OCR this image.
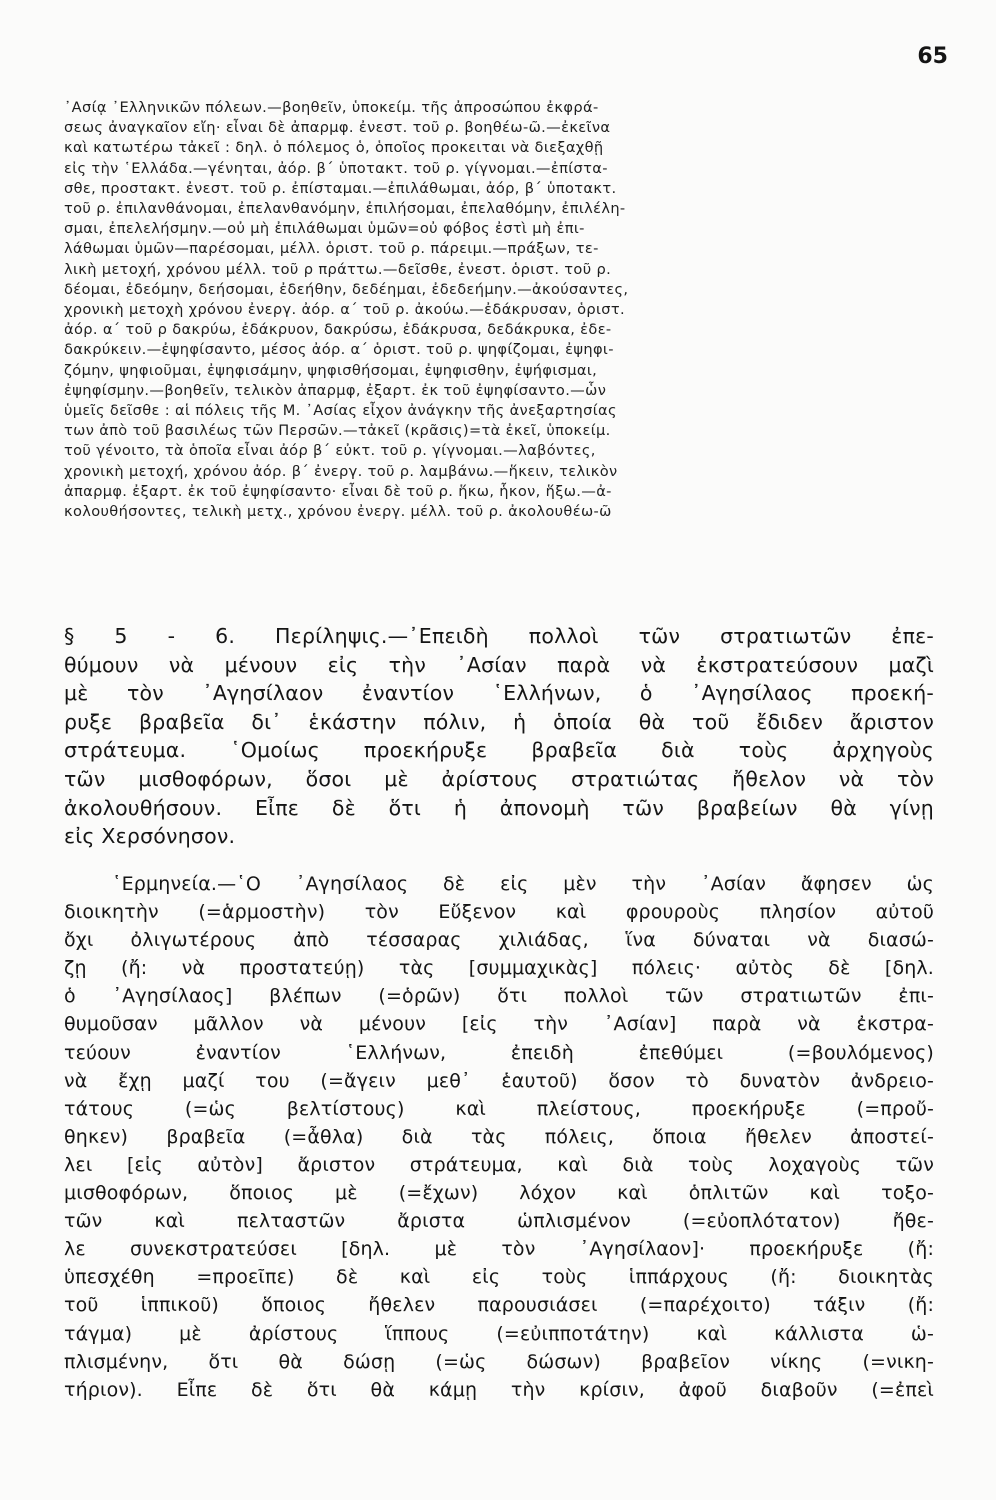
65
᾽Ασίᾳ ᾽Ελληνικῶν πόλεων.—βοηθεῖν, ὑποκείμ. τῆς ἀπροσώπου ἐκφρά-
σεως ἀναγκαῖον εἴη· εἶναι δὲ ἀπαρμφ. ἐνεστ. τοῦ ρ. βοηθέω-ῶ.—ἐκεῖνα
καὶ κατωτέρω τἀκεῖ : δηλ. ὁ πόλεμος ὁ, ὁποῖος προκειται νὰ διεξαχθῇ
εἰς τὴν ῾Ελλάδα.—γένηται, ἀόρ. β΄ ὑποτακτ. τοῦ ρ. γίγνομαι.—ἐπίστα-
σθε, προστακτ. ἐνεστ. τοῦ ρ. ἐπίσταμαι.—ἐπιλάθωμαι, ἀόρ, β΄ ὑποτακτ.
τοῦ ρ. ἐπιλανθάνομαι, ἐπελανθανόμην, ἐπιλήσομαι, ἐπελαθόμην, ἐπιλέλη-
σμαι, ἐπελελήσμην.—οὐ μὴ ἐπιλάθωμαι ὑμῶν=οὐ φόβος ἐστὶ μὴ ἐπι-
λάθωμαι ὑμῶν—παρέσομαι, μέλλ. ὁριστ. τοῦ ρ. πάρειμι.—πράξων, τε-
λικὴ μετοχή, χρόνου μέλλ. τοῦ ρ πράττω.—δεῖσθε, ἐνεστ. ὁριστ. τοῦ ρ.
δέομαι, ἐδεόμην, δεήσομαι, ἐδεήθην, δεδέημαι, ἐδεδεήμην.—ἀκούσαντες,
χρονικὴ μετοχὴ χρόνου ἐνεργ. ἀόρ. α΄ τοῦ ρ. ἀκούω.—ἐδάκρυσαν, ὁριστ.
ἀόρ. α΄ τοῦ ρ δακρύω, ἐδάκρυον, δακρύσω, ἐδάκρυσα, δεδάκρυκα, ἐδε-
δακρύκειν.—ἐψηφίσαντο, μέσος ἀόρ. α΄ ὁριστ. τοῦ ρ. ψηφίζομαι, ἐψηφι-
ζόμην, ψηφιοῦμαι, ἐψηφισάμην, ψηφισθήσομαι, ἐψηφισθην, ἐψήφισμαι,
ἐψηφίσμην.—βοηθεῖν, τελικὸν ἀπαρμφ, ἐξαρτ. ἐκ τοῦ ἐψηφίσαντο.—ὧν
ὑμεῖς δεῖσθε : αἱ πόλεις τῆς Μ. ᾽Ασίας εἶχον ἀνάγκην τῆς ἀνεξαρτησίας
των ἀπὸ τοῦ βασιλέως τῶν Περσῶν.—τἀκεῖ (κρᾶσις)=τὰ ἐκεῖ, ὑποκείμ.
τοῦ γένοιτο, τὰ ὁποῖα εἶναι ἀόρ β΄ εὐκτ. τοῦ ρ. γίγνομαι.—λαβόντες,
χρονικὴ μετοχή, χρόνου ἀόρ. β΄ ἐνεργ. τοῦ ρ. λαμβάνω.—ἥκειν, τελικὸν
ἀπαρμφ. ἐξαρτ. ἐκ τοῦ ἐψηφίσαντο· εἶναι δὲ τοῦ ρ. ἥκω, ἧκον, ἥξω.—ἀ-
κολουθήσοντες, τελικὴ μετχ., χρόνου ἐνεργ. μέλλ. τοῦ ρ. ἀκολουθέω-ῶ
§ 5 - 6. Περίληψις.—᾽Επειδὴ πολλοὶ τῶν στρατιωτῶν ἐπε-
θύμουν νὰ μένουν εἰς τὴν ᾽Ασίαν παρὰ νὰ ἐκστρατεύσουν μαζὶ
μὲ τὸν ᾽Αγησίλαον ἐναντίον ῾Ελλήνων, ὁ ᾽Αγησίλαος προεκή-
ρυξε βραβεῖα δι᾽ ἑκάστην πόλιν, ἡ ὁποία θὰ τοῦ ἔδιδεν ἄριστον
στράτευμα. ῾Ομοίως προεκήρυξε βραβεῖα διὰ τοὺς ἀρχηγοὺς
τῶν μισθοφόρων, ὅσοι μὲ ἀρίστους στρατιώτας ἤθελον νὰ τὸν
ἀκολουθήσουν. Εἶπε δὲ ὅτι ἡ ἀπονομὴ τῶν βραβείων θὰ γίνῃ
εἰς Χερσόνησον.
῾Ερμηνεία.—῾Ο ᾽Αγησίλαος δὲ εἰς μὲν τὴν ᾽Ασίαν ἄφησεν ὡς
διοικητὴν (=ἁρμοστὴν) τὸν Εὔξενον καὶ φρουροὺς πλησίον αὐτοῦ
ὄχι ὀλιγωτέρους ἀπὸ τέσσαρας χιλιάδας, ἵνα δύναται νὰ διασώ-
ζῃ (ἤ: νὰ προστατεύῃ) τὰς [συμμαχικὰς] πόλεις· αὐτὸς δὲ [δηλ.
ὁ ᾽Αγησίλαος] βλέπων (=ὁρῶν) ὅτι πολλοὶ τῶν στρατιωτῶν ἐπι-
θυμοῦσαν μᾶλλον νὰ μένουν [εἰς τὴν ᾽Ασίαν] παρὰ νὰ ἐκστρα-
τεύουν ἐναντίον ῾Ελλήνων, ἐπειδὴ ἐπεθύμει (=βουλόμενος)
νὰ ἔχῃ μαζί του (=ἄγειν μεθ᾽ ἑαυτοῦ) ὅσον τὸ δυνατὸν ἀνδρειο-
τάτους (=ὡς βελτίστους) καὶ πλείστους, προεκήρυξε (=προὔ-
θηκεν) βραβεῖα (=ἆθλα) διὰ τὰς πόλεις, ὅποια ἤθελεν ἀποστεί-
λει [εἰς αὐτὸν] ἄριστον στράτευμα, καὶ διὰ τοὺς λοχαγοὺς τῶν
μισθοφόρων, ὅποιος μὲ (=ἔχων) λόχον καὶ ὁπλιτῶν καὶ τοξο-
τῶν καὶ πελταστῶν ἄριστα ὡπλισμένον (=εὐοπλότατον) ἤθε-
λε συνεκστρατεύσει [δηλ. μὲ τὸν ᾽Αγησίλαον]· προεκήρυξε (ἤ:
ὑπεσχέθη =προεῖπε) δὲ καὶ εἰς τοὺς ἱππάρχους (ἤ: διοικητὰς
τοῦ ἱππικοῦ) ὅποιος ἤθελεν παρουσιάσει (=παρέχοιτο) τάξιν (ἤ:
τάγμα) μὲ ἀρίστους ἵππους (=εὐιπποτάτην) καὶ κάλλιστα ὡ-
πλισμένην, ὅτι θὰ δώσῃ (=ὡς δώσων) βραβεῖον νίκης (=νικη-
τήριον). Εἶπε δὲ ὅτι θὰ κάμῃ τὴν κρίσιν, ἀφοῦ διαβοῦν (=ἐπεὶ
